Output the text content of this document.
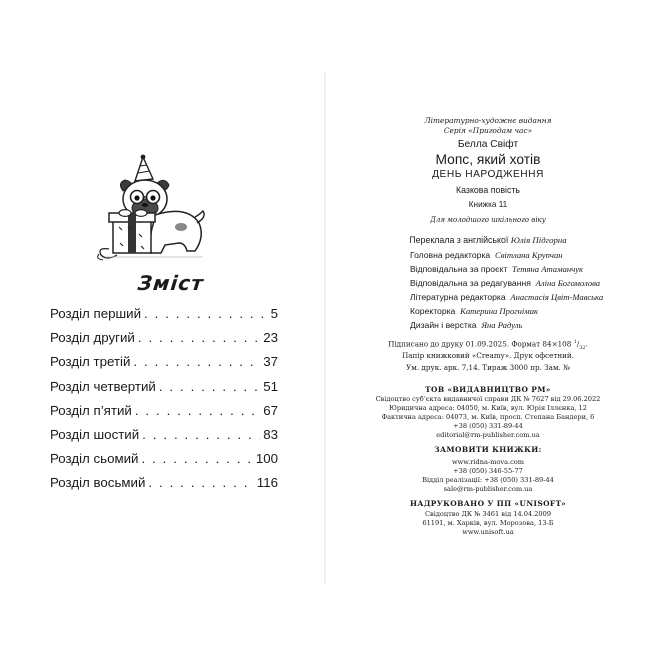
Зміст
Розділ перший . . .	5
Розділ другий . . .	23
Розділ третій . . .	37
Розділ четвертий . . .	51
Розділ п’ятий . . .	67
Розділ шостий . . .	83
Розділ сьомий . . .	100
Розділ восьмий . . .	116
Літературно-художнє видання
Серія «Пригодам час»
Белла Свіфт
Мопс, який хотів
ДЕНЬ НАРОДЖЕННЯ
Казкова повість
Книжка 11
Для молодшого шкільного віку
Переклала з англійської Юлія Підгорна
Головна редакторка Світлана Крупчан
Відповідальна за проєкт Тетяна Атаманчук
Відповідальна за редагування Аліна Богомолова
Літературна редакторка Анастасія Цвіт-Мавська
Коректорка Катерина Прогнімак
Дизайн і верстка Яна Радуль
Підписано до друку 01.09.2025. Формат 84×108 $^1/_{32}$.
Папір книжковий «Creamy». Друк офсетний.
Ум. друк. арк. 7,14. Тираж 3000 пр. Зам. №
ТОВ «ВИДАВНИЦТВО РМ»
Свідоцтво суб’єкта видавничої справи ДК № 7627 від 29.06.2022
Юридична адреса: 04050, м. Київ, вул. Юрія Іллєнка, 12
Фактична адреса: 04073, м. Київ, просп. Степана Бандери, 6
+38 (050) 331-89-44
editorial@rm-publisher.com.ua
ЗАМОВИТИ КНИЖКИ:
www.ridna-mova.com
+38 (050) 346-55-77
Відділ реалізації: +38 (050) 331-89-44
sale@rm-publisher.com.ua
НАДРУКОВАНО У ПП «UNISOFT»
Свідоцтво ДК № 3461 від 14.04.2009
61191, м. Харків, вул. Морозова, 13-Б
www.unisoft.ua
